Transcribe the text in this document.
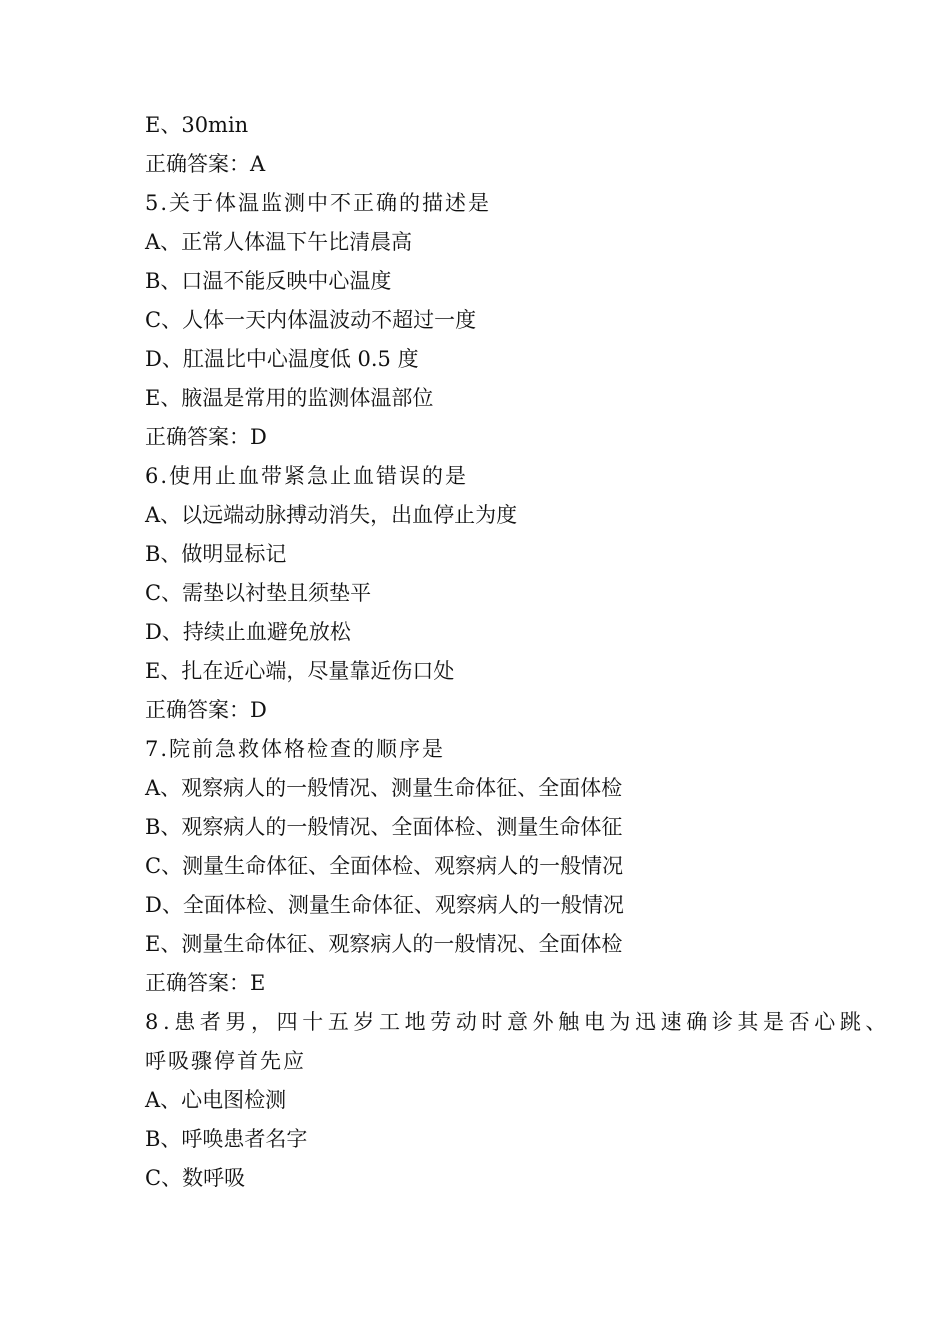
E、30min
正确答案：A
5.关于体温监测中不正确的描述是
A、正常人体温下午比清晨高
B、口温不能反映中心温度
C、人体一天内体温波动不超过一度
D、肛温比中心温度低 0.5 度
E、腋温是常用的监测体温部位
正确答案：D
6.使用止血带紧急止血错误的是
A、以远端动脉搏动消失，出血停止为度
B、做明显标记
C、需垫以衬垫且须垫平
D、持续止血避免放松
E、扎在近心端，尽量靠近伤口处
正确答案：D
7.院前急救体格检查的顺序是
A、观察病人的一般情况、测量生命体征、全面体检
B、观察病人的一般情况、全面体检、测量生命体征
C、测量生命体征、全面体检、观察病人的一般情况
D、全面体检、测量生命体征、观察病人的一般情况
E、测量生命体征、观察病人的一般情况、全面体检
正确答案：E
8.患者男，四十五岁工地劳动时意外触电为迅速确诊其是否心跳、
呼吸骤停首先应
A、心电图检测
B、呼唤患者名字
C、数呼吸
